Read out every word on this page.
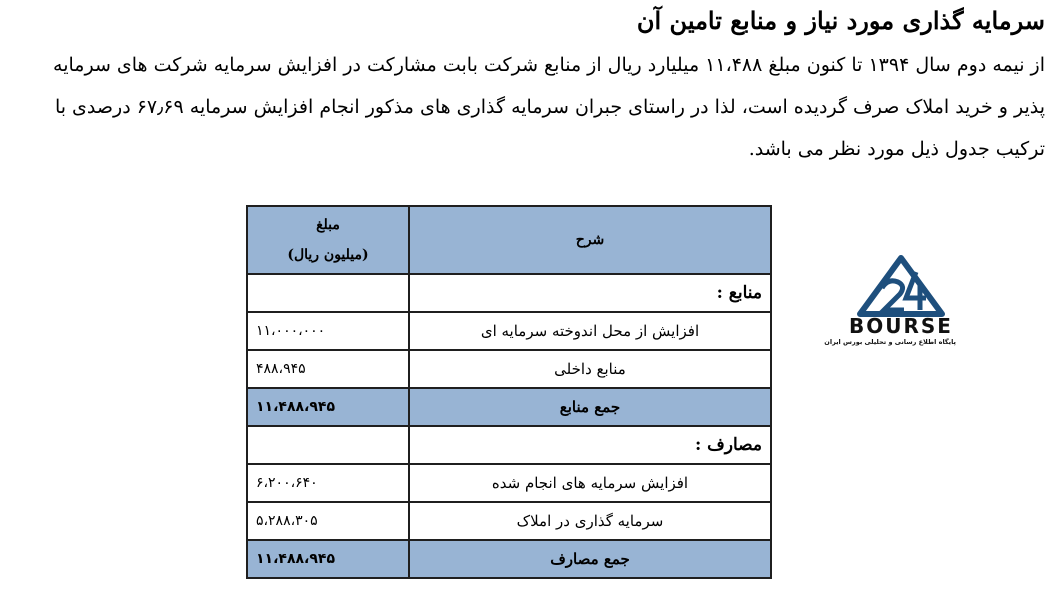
سرمایه گذاری مورد نیاز و منابع تامین آن
از نیمه دوم سال ۱۳۹۴ تا کنون مبلغ ۱۱،۴۸۸ میلیارد ریال از منابع شرکت بابت مشارکت در افزایش سرمایه شرکت های سرمایه
پذیر و خرید املاک صرف گردیده است، لذا در راستای جبران سرمایه گذاری های مذکور انجام افزایش سرمایه ۶۷٫۶۹ درصدی با
ترکیب جدول ذیل مورد نظر می باشد.
BOURSE
پایگاه اطلاع رسانی و تحلیلی بورس ایران
شرح	مبلغ
(میلیون ریال)

منابع :	
افزایش از محل اندوخته سرمایه ای	۱۱،۰۰۰،۰۰۰
منابع داخلی	۴۸۸،۹۴۵
جمع منابع	۱۱،۴۸۸،۹۴۵
مصارف :	
افزایش سرمایه های انجام شده	۶،۲۰۰،۶۴۰
سرمایه گذاری در املاک	۵،۲۸۸،۳۰۵
جمع مصارف	۱۱،۴۸۸،۹۴۵
